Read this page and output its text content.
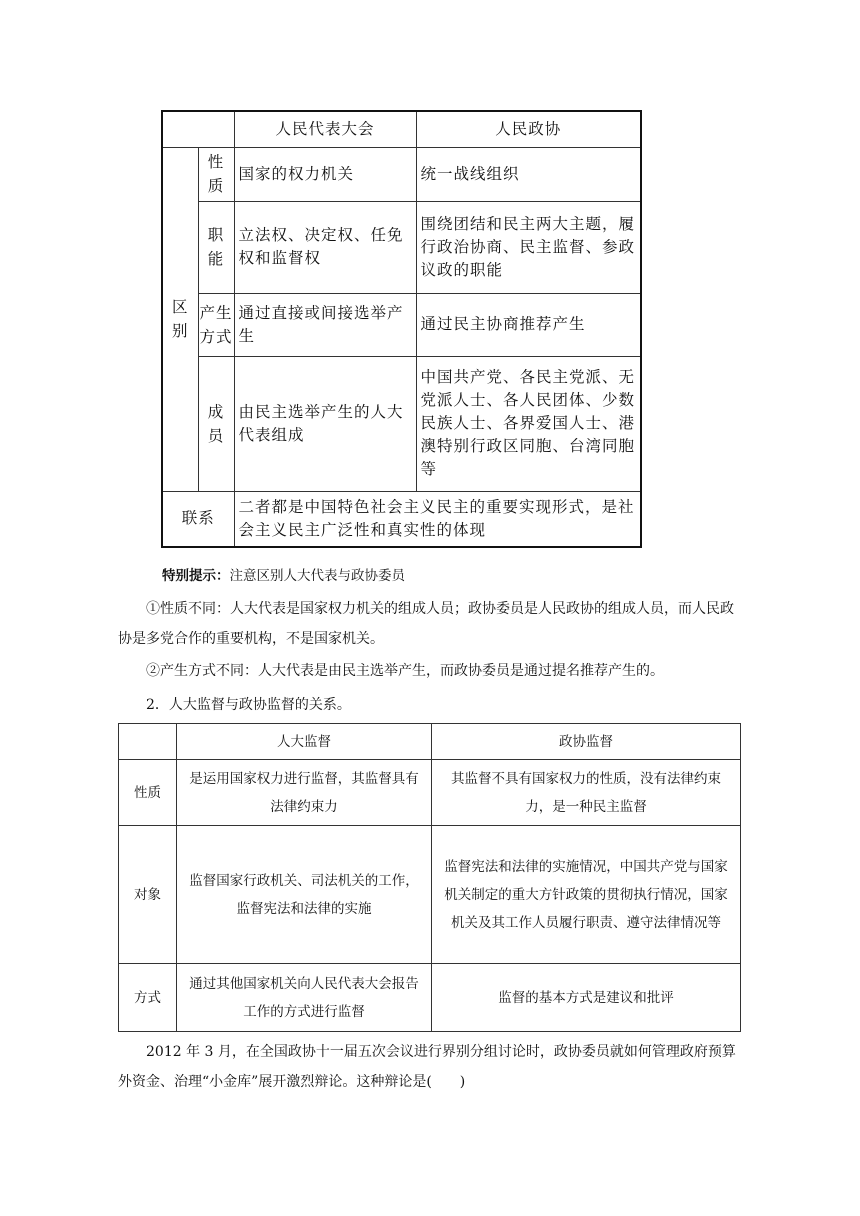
		人民代表大会	人民政协
区别	性质	国家的权力机关	统一战线组织
	职能	立法权、决定权、任免权和监督权	围绕团结和民主两大主题，履行政治协商、民主监督、参政议政的职能
	产生方式	通过直接或间接选举产生	通过民主协商推荐产生
	成员	由民主选举产生的人大代表组成	中国共产党、各民主党派、无党派人士、各人民团体、少数民族人士、各界爱国人士、港澳特别行政区同胞、台湾同胞等
联系		二者都是中国特色社会主义民主的重要实现形式，是社会主义民主广泛性和真实性的体现	

特别提示：注意区别人大代表与政协委员

①性质不同：人大代表是国家权力机关的组成人员；政协委员是人民政协的组成人员，而人民政协是多党合作的重要机构，不是国家机关。

②产生方式不同：人大代表是由民主选举产生，而政协委员是通过提名推荐产生的。

2．人大监督与政协监督的关系。

	人大监督	政协监督
性质	是运用国家权力进行监督，其监督具有法律约束力	其监督不具有国家权力的性质，没有法律约束力，是一种民主监督
对象	监督国家行政机关、司法机关的工作，监督宪法和法律的实施	监督宪法和法律的实施情况，中国共产党与国家机关制定的重大方针政策的贯彻执行情况，国家机关及其工作人员履行职责、遵守法律情况等
方式	通过其他国家机关向人民代表大会报告工作的方式进行监督	监督的基本方式是建议和批评

2012 年 3 月，在全国政协十一届五次会议进行界别分组讨论时，政协委员就如何管理政府预算外资金、治理“小金库”展开激烈辩论。这种辩论是(　　)
